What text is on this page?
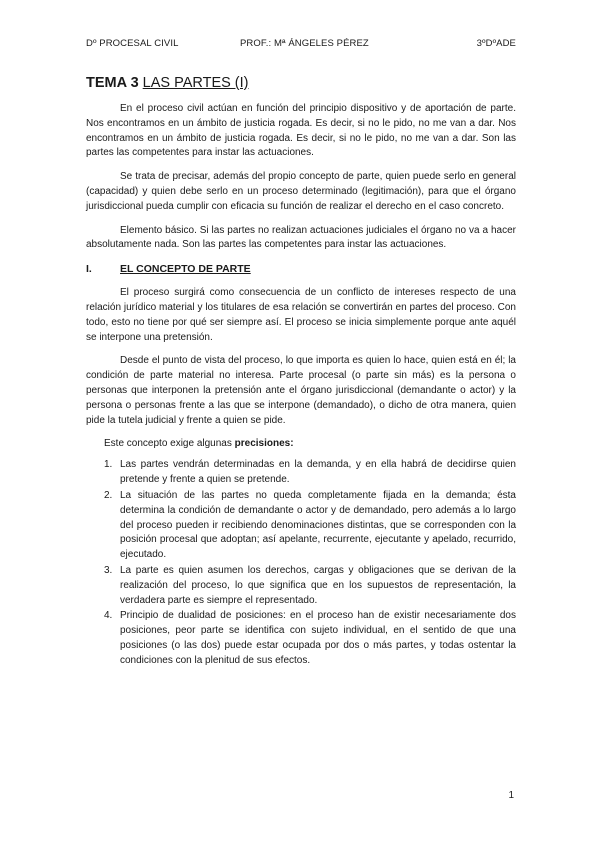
Dº PROCESAL CIVIL	PROF.: Mª ÁNGELES PÉREZ	3ºDºADE
TEMA 3 LAS PARTES (I)

En el proceso civil actúan en función del principio dispositivo y de aportación de parte. Nos encontramos en un ámbito de justicia rogada. Es decir, si no le pido, no me van a dar. Nos encontramos en un ámbito de justicia rogada. Es decir, si no le pido, no me van a dar. Son las partes las competentes para instar las actuaciones.

Se trata de precisar, además del propio concepto de parte, quien puede serlo en general (capacidad) y quien debe serlo en un proceso determinado (legitimación), para que el órgano jurisdiccional pueda cumplir con eficacia su función de realizar el derecho en el caso concreto.

Elemento básico. Si las partes no realizan actuaciones judiciales el órgano no va a hacer absolutamente nada. Son las partes las competentes para instar las actuaciones.

I.	EL CONCEPTO DE PARTE

El proceso surgirá como consecuencia de un conflicto de intereses respecto de una relación jurídico material y los titulares de esa relación se convertirán en partes del proceso. Con todo, esto no tiene por qué ser siempre así. El proceso se inicia simplemente porque ante aquél se interpone una pretensión.

Desde el punto de vista del proceso, lo que importa es quien lo hace, quien está en él; la condición de parte material no interesa. Parte procesal (o parte sin más) es la persona o personas que interponen la pretensión ante el órgano jurisdiccional (demandante o actor) y la persona o personas frente a las que se interpone (demandado), o dicho de otra manera, quien pide la tutela judicial y frente a quien se pide.

Este concepto exige algunas precisiones:
1. Las partes vendrán determinadas en la demanda, y en ella habrá de decidirse quien pretende y frente a quien se pretende.
2. La situación de las partes no queda completamente fijada en la demanda; ésta determina la condición de demandante o actor y de demandado, pero además a lo largo del proceso pueden ir recibiendo denominaciones distintas, que se corresponden con la posición procesal que adoptan; así apelante, recurrente, ejecutante y apelado, recurrido, ejecutado.
3. La parte es quien asumen los derechos, cargas y obligaciones que se derivan de la realización del proceso, lo que significa que en los supuestos de representación, la verdadera parte es siempre el representado.
4. Principio de dualidad de posiciones: en el proceso han de existir necesariamente dos posiciones, peor parte se identifica con sujeto individual, en el sentido de que una posiciones (o las dos) puede estar ocupada por dos o más partes, y todas ostentar la condiciones con la plenitud de sus efectos.
1
